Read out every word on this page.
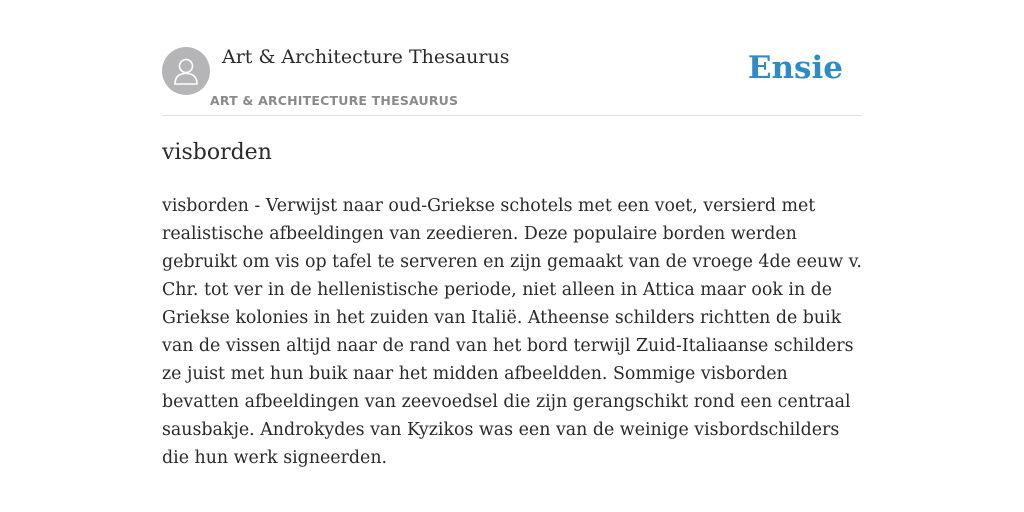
Art & Architecture Thesaurus
ART & ARCHITECTURE THESAURUS
Ensie
visborden

visborden - Verwijst naar oud-Griekse schotels met een voet, versierd met realistische afbeeldingen van zeedieren. Deze populaire borden werden gebruikt om vis op tafel te serveren en zijn gemaakt van de vroege 4de eeuw v. Chr. tot ver in de hellenistische periode, niet alleen in Attica maar ook in de Griekse kolonies in het zuiden van Italië. Atheense schilders richtten de buik van de vissen altijd naar de rand van het bord terwijl Zuid-Italiaanse schilders ze juist met hun buik naar het midden afbeeldden. Sommige visborden bevatten afbeeldingen van zeevoedsel die zijn gerangschikt rond een centraal sausbakje. Androkydes van Kyzikos was een van de weinige visbordschilders die hun werk signeerden.
